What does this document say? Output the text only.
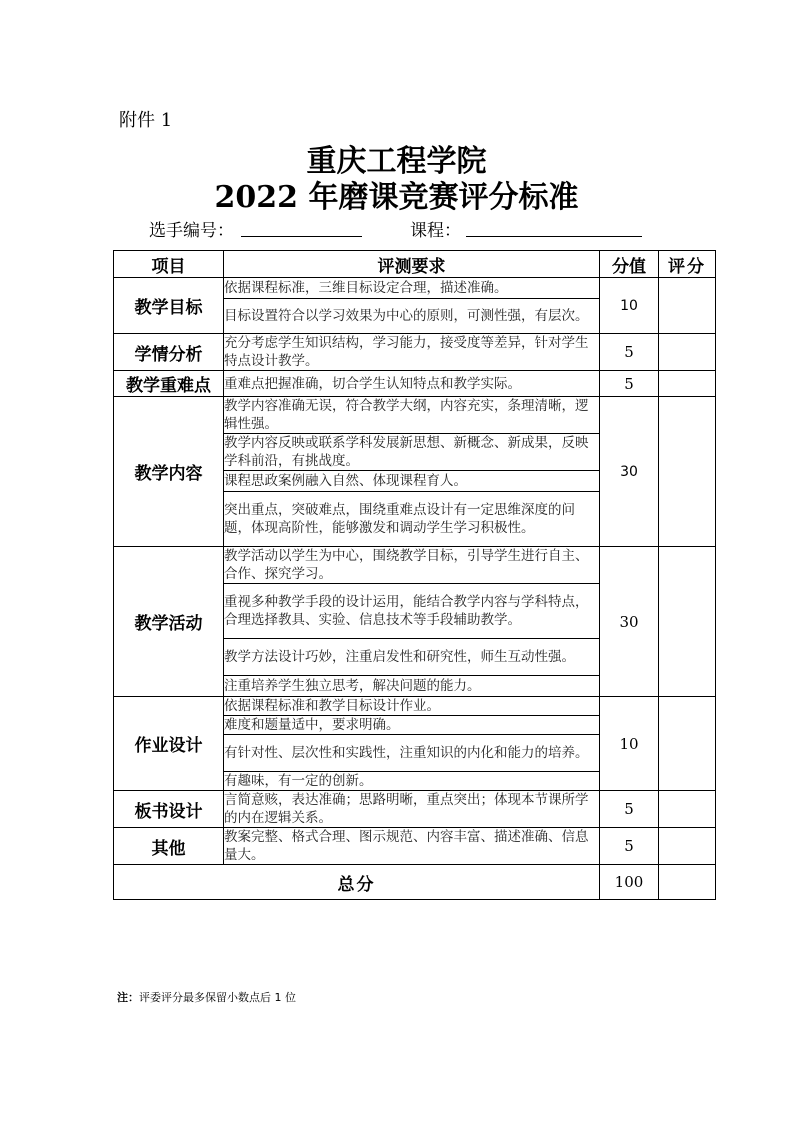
附件 1
重庆工程学院
2022 年磨课竞赛评分标准
选手编号：	课程：
项目	评测要求	分值	评分
教学目标	依据课程标准，三维目标设定合理，描述准确。	10	
	目标设置符合以学习效果为中心的原则，可测性强，有层次。		
学情分析	充分考虑学生知识结构，学习能力，接受度等差异，针对学生特点设计教学。	5	
教学重难点	重难点把握准确，切合学生认知特点和教学实际。	5	
教学内容	教学内容准确无误，符合教学大纲，内容充实，条理清晰，逻辑性强。	30	
	教学内容反映或联系学科发展新思想、新概念、新成果，反映学科前沿，有挑战度。		
	课程思政案例融入自然、体现课程育人。		
	突出重点，突破难点，围绕重难点设计有一定思维深度的问题，体现高阶性，能够激发和调动学生学习积极性。		
教学活动	教学活动以学生为中心，围绕教学目标，引导学生进行自主、合作、探究学习。	30	
	重视多种教学手段的设计运用，能结合教学内容与学科特点，合理选择教具、实验、信息技术等手段辅助教学。		
	教学方法设计巧妙，注重启发性和研究性，师生互动性强。		
	注重培养学生独立思考，解决问题的能力。		
作业设计	依据课程标准和教学目标设计作业。	10	
	难度和题量适中，要求明确。		
	有针对性、层次性和实践性，注重知识的内化和能力的培养。		
	有趣味，有一定的创新。		
板书设计	言简意赅，表达准确；思路明晰，重点突出；体现本节课所学的内在逻辑关系。	5	
其他	教案完整、格式合理、图示规范、内容丰富、描述准确、信息量大。	5	
总分		100	
注：评委评分最多保留小数点后 1 位
